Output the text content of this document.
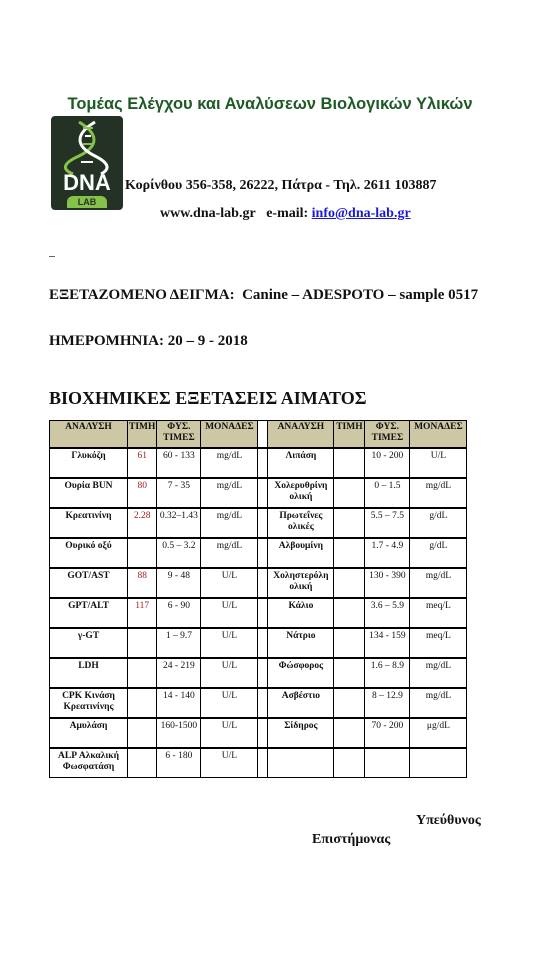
Τομέας Ελέγχου και Αναλύσεων Βιολογικών Υλικών
DNA
LAB
Κορίνθου 356-358, 26222, Πάτρα - Τηλ. 2611 103887
www.dna-lab.gr e-mail: info@dna-lab.gr
ΕΞΕΤΑΖΟΜΕΝΟ ΔΕΙΓΜΑ: Canine – ADESPOTO – sample 0517
ΗΜΕΡΟΜΗΝΙΑ: 20 – 9 - 2018
ΒΙΟΧΗΜΙΚΕΣ ΕΞΕΤΑΣΕΙΣ ΑΙΜΑΤΟΣ
ΑΝΑΛΥΣΗ	ΤΙΜΗ	ΦΥΣ. ΤΙΜΕΣ	ΜΟΝΑΔΕΣ		ΑΝΑΛΥΣΗ	ΤΙΜΗ	ΦΥΣ. ΤΙΜΕΣ	ΜΟΝΑΔΕΣ

Γλυκόζη	61	60 - 133	mg/dL		Λιπάση		10 - 200	U/L

Ουρία BUN	80	7 - 35	mg/dL		Χολερυθρίνη ολική		0 – 1.5	mg/dL

Κρεατινίνη	2.28	0.32–1.43	mg/dL		Πρωτεΐνες ολικές		5.5 – 7.5	g/dL

Ουρικό οξύ		0.5 – 3.2	mg/dL		Αλβουμίνη		1.7 - 4.9	g/dL

GOT/AST	88	9 - 48	U/L		Χοληστερόλη ολική		130 - 390	mg/dL

GPT/ALT	117	6 - 90	U/L		Κάλιο		3.6 – 5.9	meq/L

γ-GT		1 – 9.7	U/L		Νάτριο		134 - 159	meq/L

LDH		24 - 219	U/L		Φώσφορος		1.6 – 8.9	mg/dL

CPK Κινάση Κρεατινίνης		14 - 140	U/L		Ασβέστιο		8 – 12.9	mg/dL

Αμυλάση		160-1500	U/L		Σίδηρος		70 - 200	μg/dL

ALP Αλκαλική Φωσφατάση		6 - 180	U/L					
Υπεύθυνος
Επιστήμονας
